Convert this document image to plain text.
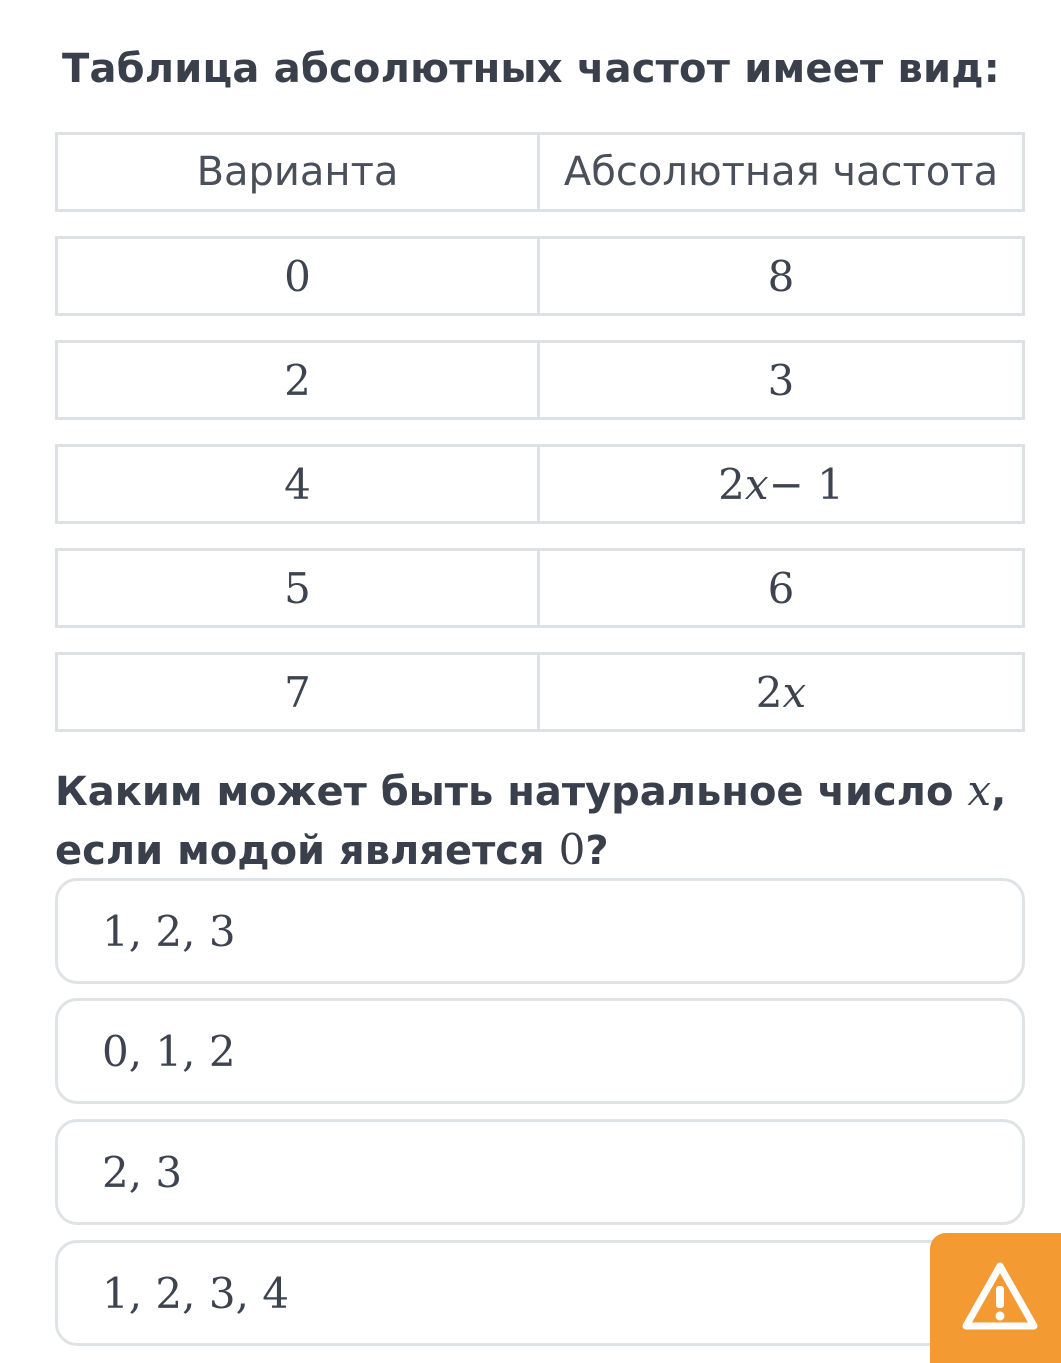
Таблица абсолютных частот имеет вид:
Варианта	Абсолютная частота
0	8
2	3
4	2 x − 1
5	6
7	2 x
Каким может быть натуральное число x,
если модой является 0?
1, 2, 3
0, 1, 2
2, 3
1, 2, 3, 4
